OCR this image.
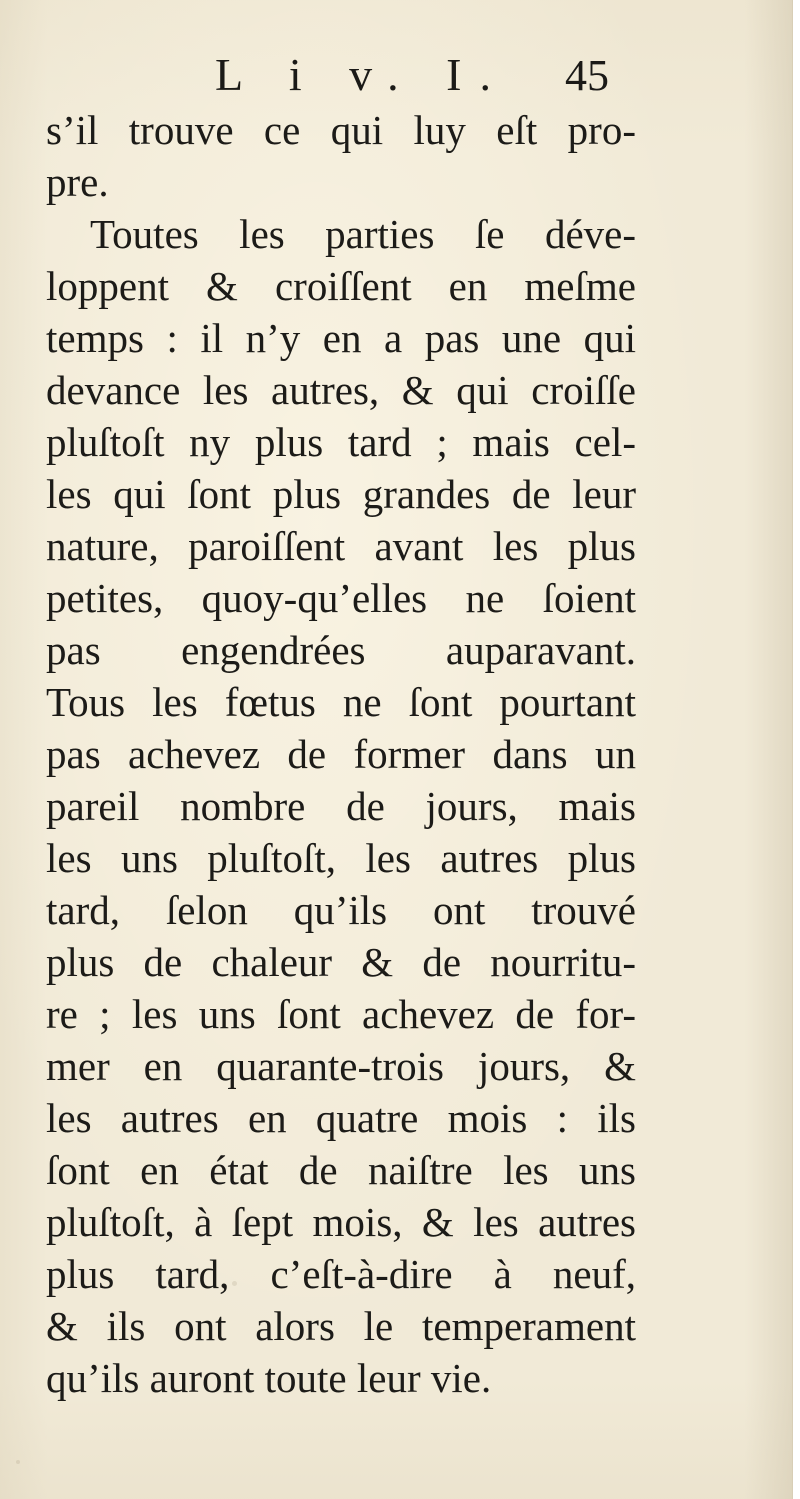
L i v. I. 45
s’il trouve ce qui luy eſt pro-
pre.
Toutes les parties ſe déve-
loppent & croiſſent en meſme
temps : il n’y en a pas une qui
devance les autres, & qui croiſſe
pluſtoſt ny plus tard ; mais cel-
les qui ſont plus grandes de leur
nature, paroiſſent avant les plus
petites, quoy-qu’elles ne ſoient
pas engendrées auparavant.
Tous les fœtus ne ſont pourtant
pas achevez de former dans un
pareil nombre de jours, mais
les uns pluſtoſt, les autres plus
tard, ſelon qu’ils ont trouvé
plus de chaleur & de nourritu-
re ; les uns ſont achevez de for-
mer en quarante-trois jours, &
les autres en quatre mois : ils
ſont en état de naiſtre les uns
pluſtoſt, à ſept mois, & les autres
plus tard, c’eſt-à-dire à neuf,
& ils ont alors le temperament
qu’ils auront toute leur vie.
